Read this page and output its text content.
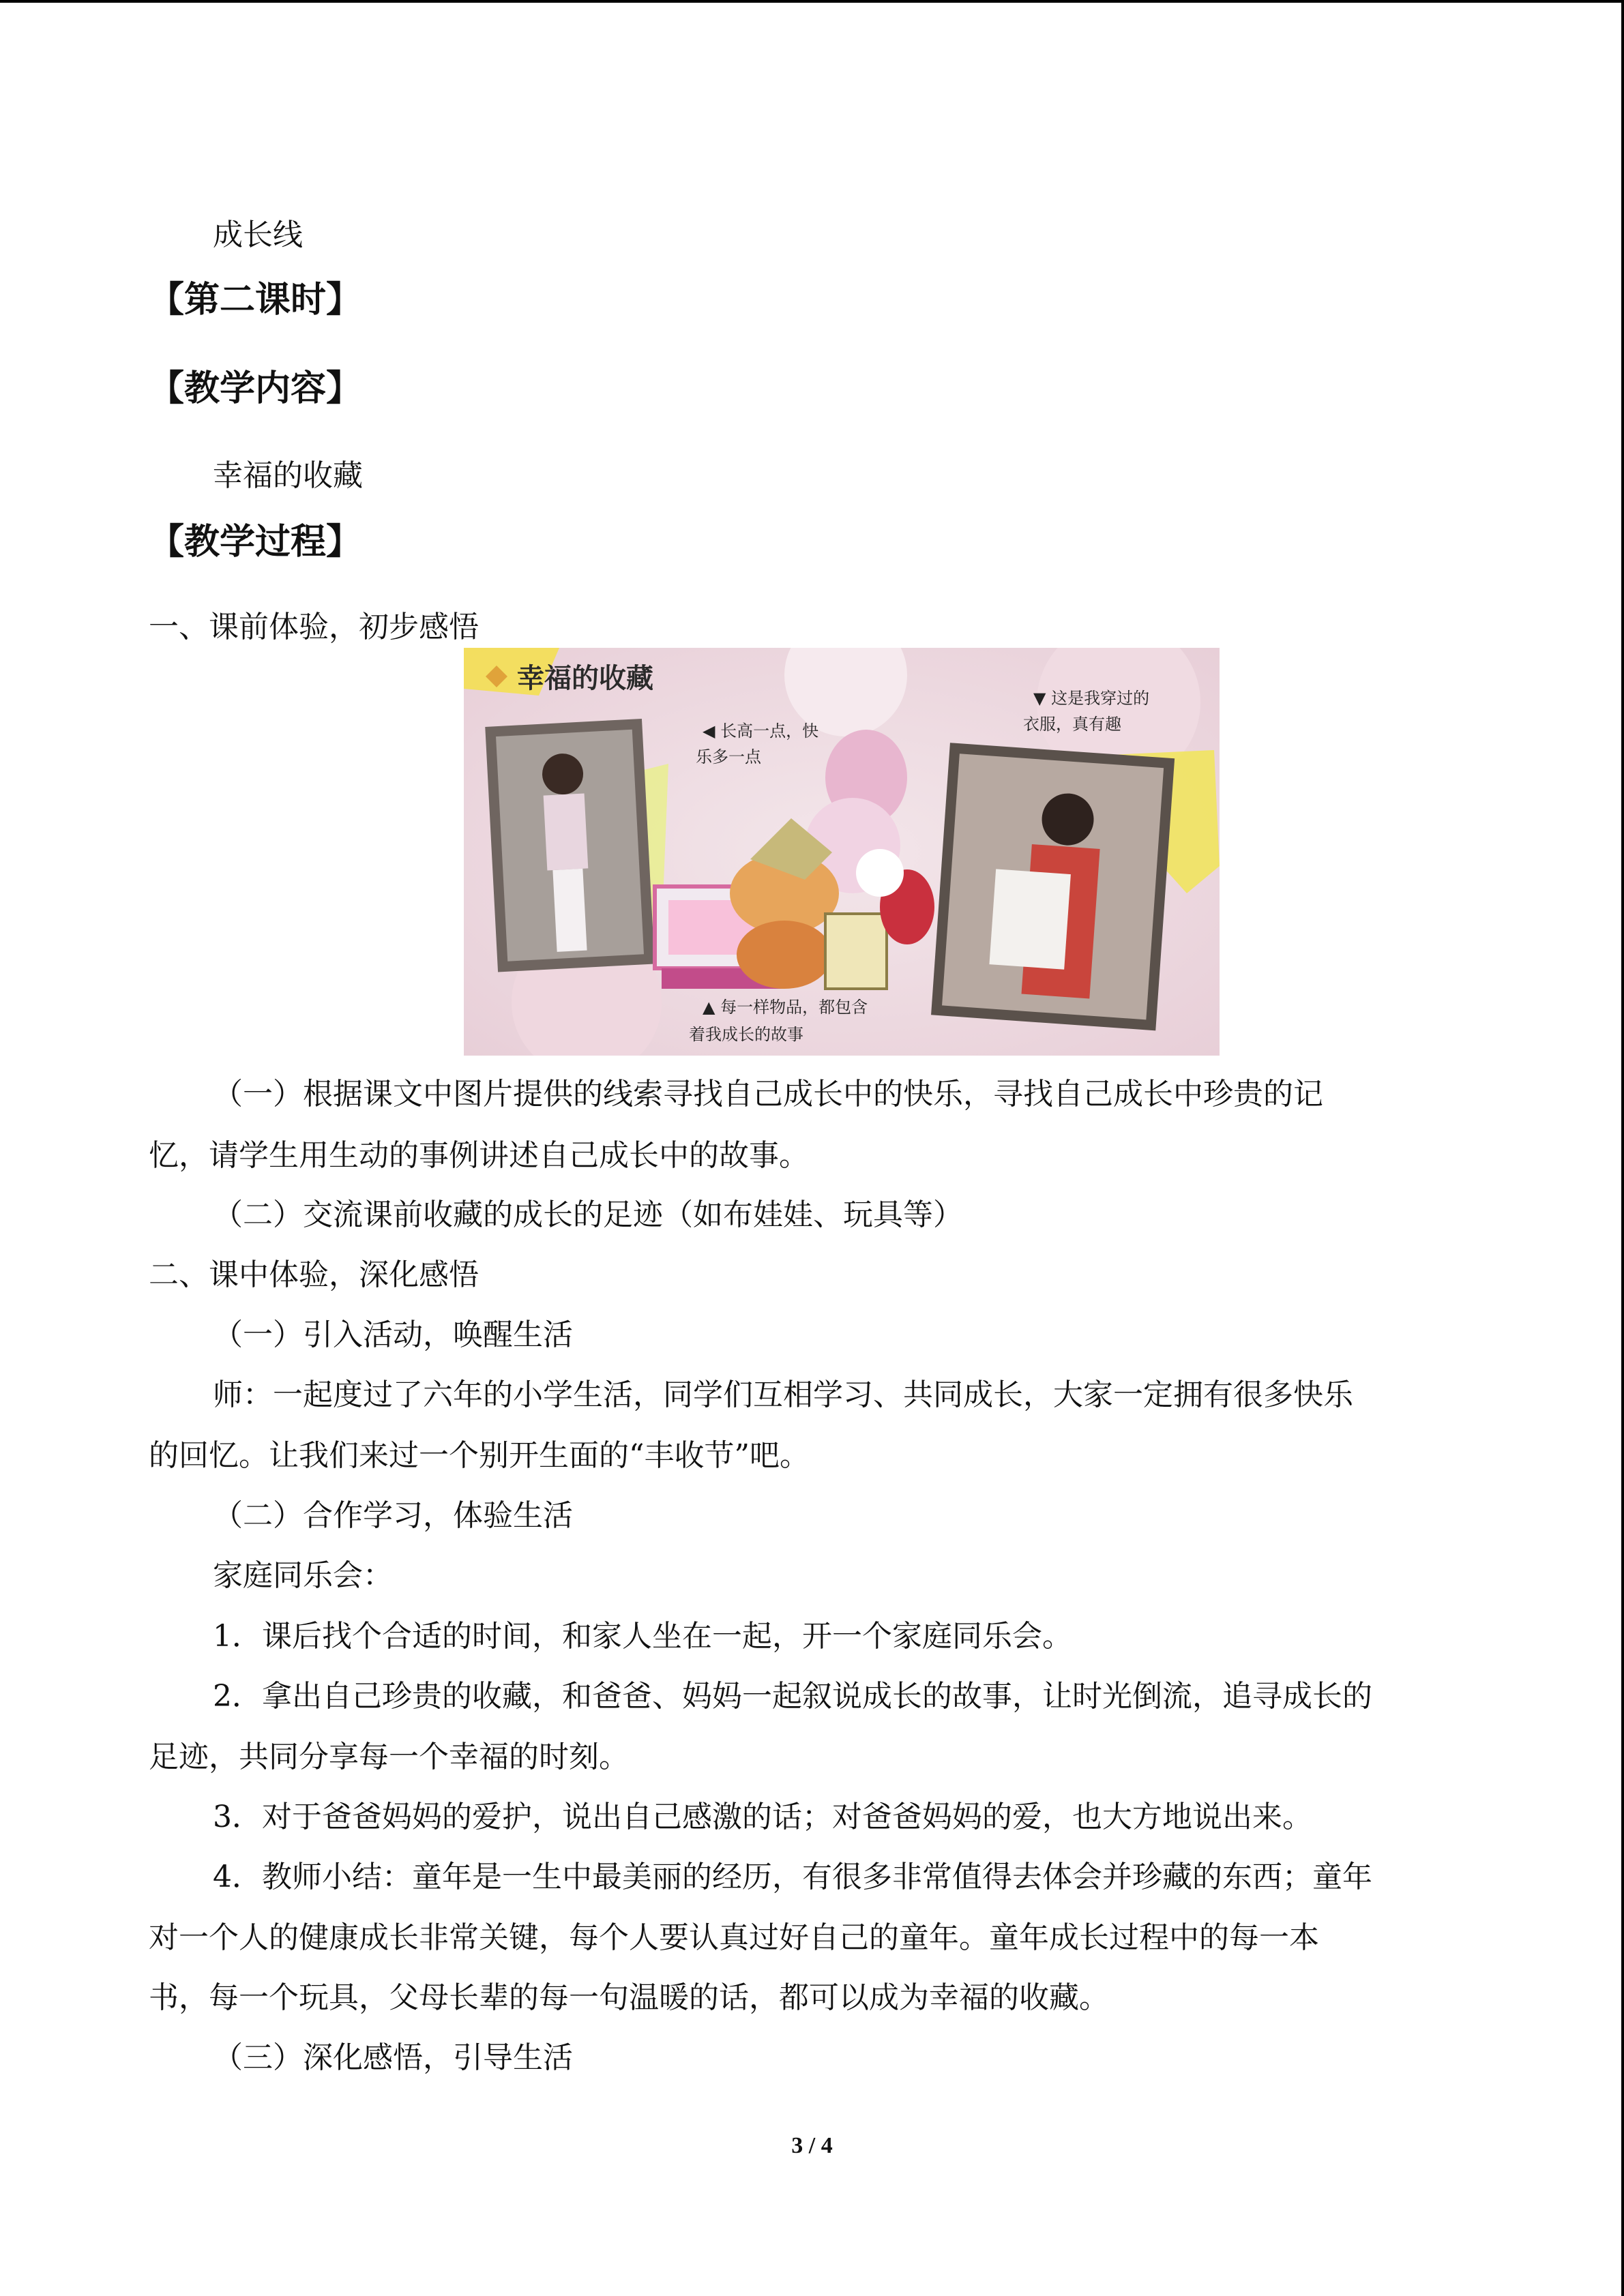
成长线
【第二课时】
【教学内容】
幸福的收藏
【教学过程】
一、课前体验，初步感悟
幸福的收藏
◀ 长高一点，快
乐多一点
▼ 这是我穿过的
衣服，真有趣
▲ 每一样物品，都包含
着我成长的故事
（一）根据课文中图片提供的线索寻找自己成长中的快乐，寻找自己成长中珍贵的记
忆，请学生用生动的事例讲述自己成长中的故事。
（二）交流课前收藏的成长的足迹（如布娃娃、玩具等）
二、课中体验，深化感悟
（一）引入活动，唤醒生活
师：一起度过了六年的小学生活，同学们互相学习、共同成长，大家一定拥有很多快乐
的回忆。让我们来过一个别开生面的“丰收节”吧。
（二）合作学习，体验生活
家庭同乐会：
1．课后找个合适的时间，和家人坐在一起，开一个家庭同乐会。
2．拿出自己珍贵的收藏，和爸爸、妈妈一起叙说成长的故事，让时光倒流，追寻成长的
足迹，共同分享每一个幸福的时刻。
3．对于爸爸妈妈的爱护，说出自己感激的话；对爸爸妈妈的爱，也大方地说出来。
4．教师小结：童年是一生中最美丽的经历，有很多非常值得去体会并珍藏的东西；童年
对一个人的健康成长非常关键，每个人要认真过好自己的童年。童年成长过程中的每一本
书，每一个玩具，父母长辈的每一句温暖的话，都可以成为幸福的收藏。
（三）深化感悟，引导生活
3 / 4
